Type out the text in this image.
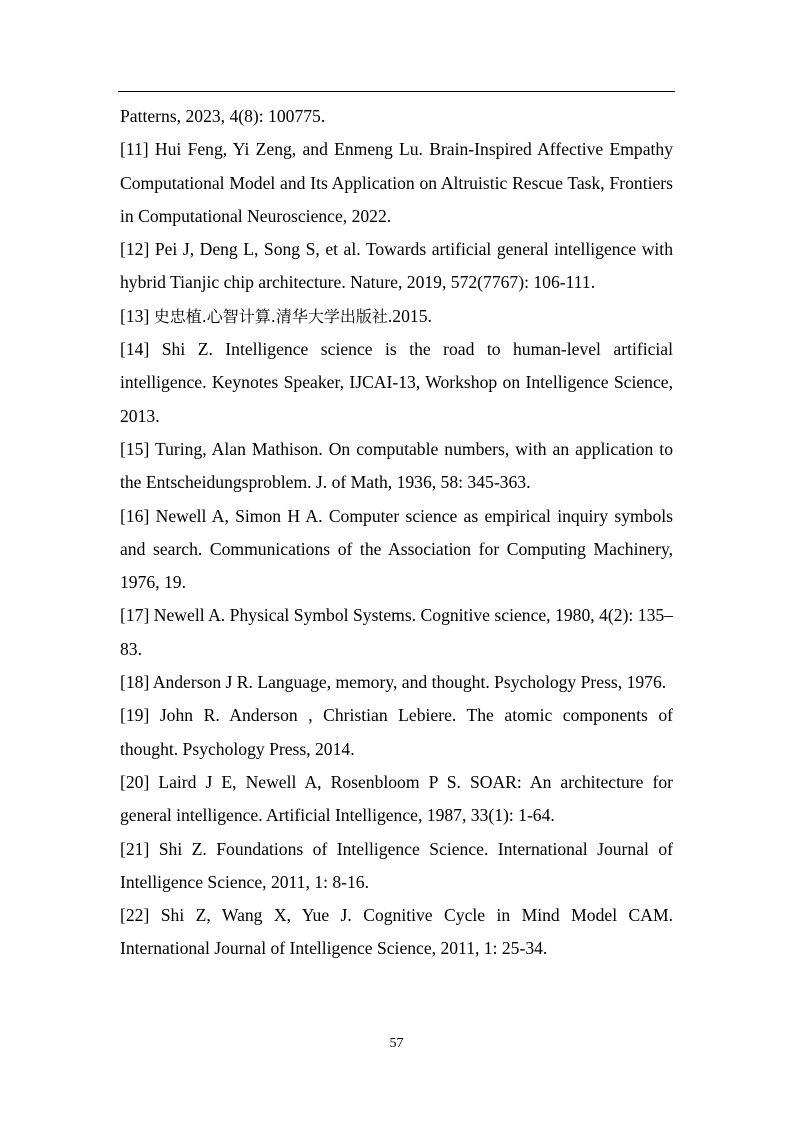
Patterns, 2023, 4(8): 100775.

[11] Hui Feng, Yi Zeng, and Enmeng Lu. Brain-Inspired Affective Empathy Computational Model and Its Application on Altruistic Rescue Task, Frontiers in Computational Neuroscience, 2022.

[12] Pei J, Deng L, Song S, et al. Towards artificial general intelligence with hybrid Tianjic chip architecture. Nature, 2019, 572(7767): 106-111.

[13] 史忠植.心智计算.清华大学出版社.2015.

[14] Shi Z. Intelligence science is the road to human-level artificial intelligence. Keynotes Speaker, IJCAI-13, Workshop on Intelligence Science, 2013.

[15] Turing, Alan Mathison. On computable numbers, with an application to the Entscheidungsproblem. J. of Math, 1936, 58: 345-363.

[16] Newell A, Simon H A. Computer science as empirical inquiry symbols and search. Communications of the Association for Computing Machinery, 1976, 19.

[17] Newell A. Physical Symbol Systems. Cognitive science, 1980, 4(2): 135–83.

[18] Anderson J R. Language, memory, and thought. Psychology Press, 1976.

[19] John R. Anderson , Christian Lebiere. The atomic components of thought. Psychology Press, 2014.

[20] Laird J E, Newell A, Rosenbloom P S. SOAR: An architecture for general intelligence. Artificial Intelligence, 1987, 33(1): 1-64.

[21] Shi Z. Foundations of Intelligence Science. International Journal of Intelligence Science, 2011, 1: 8-16.

[22] Shi Z, Wang X, Yue J. Cognitive Cycle in Mind Model CAM. International Journal of Intelligence Science, 2011, 1: 25-34.

57
